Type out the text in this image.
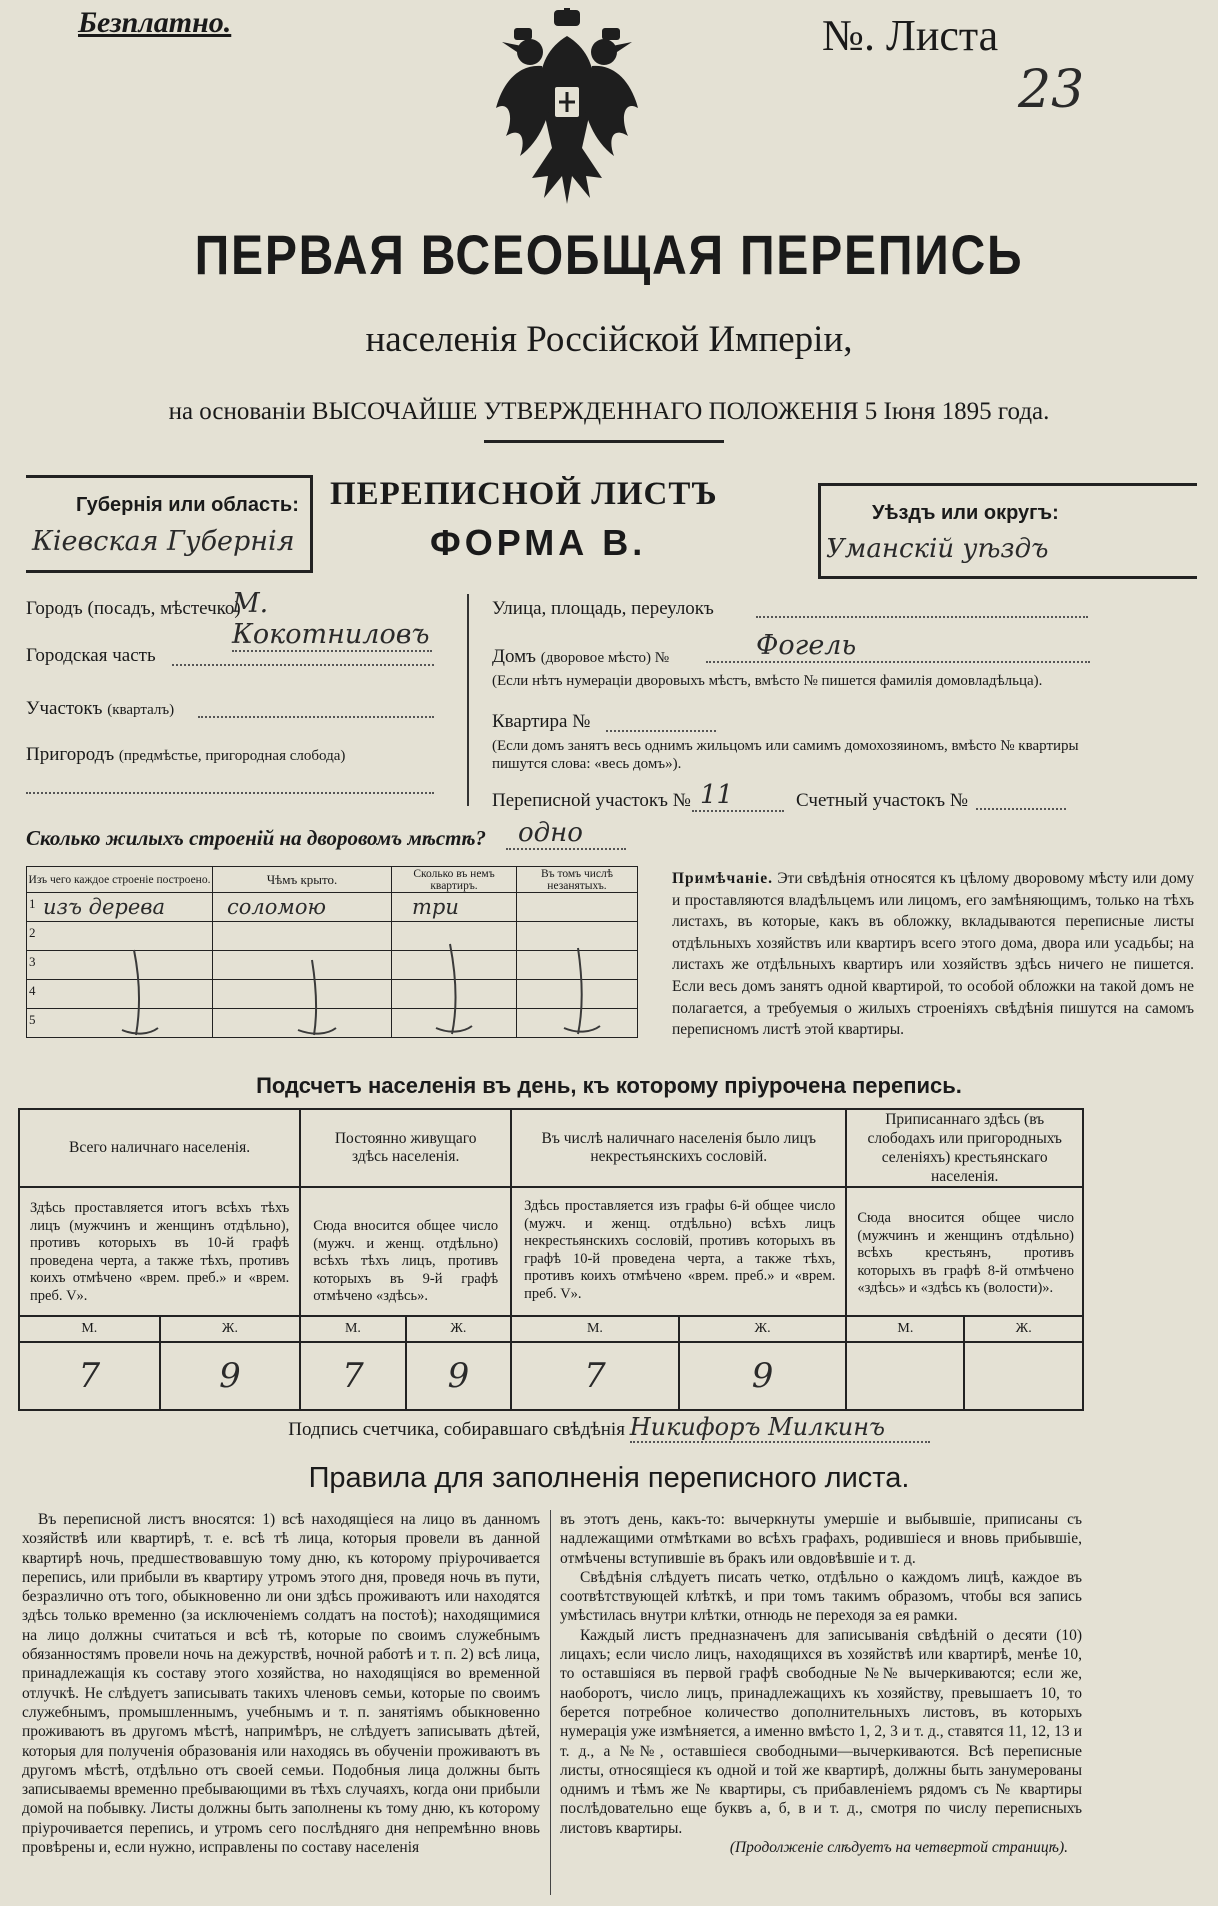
Безплатно.	№. Листа
23
ПЕРВАЯ ВСЕОБЩАЯ ПЕРЕПИСЬ
населенія Россійской Имперіи,
на основаніи ВЫСОЧАЙШЕ УТВЕРЖДЕННАГО ПОЛОЖЕНІЯ 5 Іюня 1895 года.
Губернія или область:
Кіевская Губернія
ПЕРЕПИСНОЙ ЛИСТЪ
ФОРМА В.
Уѣздъ или округъ:
Уманскій уѣздъ
Городъ (посадъ, мѣстечко)
М. Кокотниловъ
Городская часть
Участокъ (кварталъ)
Пригородъ (предмѣстье, пригородная слобода)
Улица, площадь, переулокъ
Домъ (дворовое мѣсто) №	Фогель
(Если нѣтъ нумераціи дворовыхъ мѣстъ, вмѣсто № пишется фамилія домовладѣльца).
Квартира №
(Если домъ занятъ весь однимъ жильцомъ или самимъ домохозяиномъ, вмѣсто № квартиры пишутся слова: «весь домъ»).
Переписной участокъ № 11	Счетный участокъ №
Сколько жилыхъ строеній на дворовомъ мѣстѣ?	одно
Изъ чего каждое строеніе построено.	Чѣмъ крыто.	Сколько въ немъ квартиръ.	Въ томъ числѣ незанятыхъ.

1 изъ дерева	соломою	три	

2			

3			

4			

5			

Примѣчаніе. Эти свѣдѣнія относятся къ цѣлому дворовому мѣсту или дому и проставляются владѣльцемъ или лицомъ, его замѣняющимъ, только на тѣхъ листахъ, въ которые, какъ въ обложку, вкладываются переписные листы отдѣльныхъ хозяйствъ или квартиръ всего этого дома, двора или усадьбы; на листахъ же отдѣльныхъ квартиръ или хозяйствъ здѣсь ничего не пишется. Если весь домъ занятъ одной квартирой, то особой обложки на такой домъ не полагается, а требуемыя о жилыхъ строеніяхъ свѣдѣнія пишутся на самомъ переписномъ листѣ этой квартиры.
Подсчетъ населенія въ день, къ которому пріурочена перепись.
Всего наличнаго населенія.		Постоянно живущаго здѣсь населенія.		Въ числѣ наличнаго населенія было лицъ некрестьянскихъ сословій.		Приписаннаго здѣсь (въ слободахъ или пригородныхъ селеніяхъ) крестьянскаго населенія.	
Здѣсь проставляется итогъ всѣхъ тѣхъ лицъ (мужчинъ и женщинъ отдѣльно), противъ которыхъ въ 10-й графѣ проведена черта, а также тѣхъ, противъ коихъ отмѣчено «врем. преб.» и «врем. преб. V».		Сюда вносится общее число (мужч. и женщ. отдѣльно) всѣхъ тѣхъ лицъ, противъ которыхъ въ 9-й графѣ отмѣчено «здѣсь».		Здѣсь проставляется изъ графы 6-й общее число (мужч. и женщ. отдѣльно) всѣхъ лицъ некрестьянскихъ сословій, противъ которыхъ въ графѣ 10-й проведена черта, а также тѣхъ, противъ коихъ отмѣчено «врем. преб.» и «врем. преб. V».		Сюда вносится общее число (мужчинъ и женщинъ отдѣльно) всѣхъ крестьянъ, противъ которыхъ въ графѣ 8-й отмѣчено «здѣсь» и «здѣсь къ (волости)».	
М.	Ж.	М.	Ж.	М.	Ж.	М.	Ж.
7	9	7	9	7	9		
Подпись счетчика, собиравшаго свѣдѣнія Никифоръ Милкинъ
Правила для заполненія переписного листа.
Въ переписной листъ вносятся: 1) всѣ находящіеся на лицо въ данномъ хозяйствѣ или квартирѣ, т. е. всѣ тѣ лица, которыя провели въ данной квартирѣ ночь, предшествовавшую тому дню, къ которому пріурочивается перепись, или прибыли въ квартиру утромъ этого дня, проведя ночь въ пути, безразлично отъ того, обыкновенно ли они здѣсь проживаютъ или находятся здѣсь только временно (за исключеніемъ солдатъ на постоѣ); находящимися на лицо должны считаться и всѣ тѣ, которые по своимъ служебнымъ обязанностямъ провели ночь на дежурствѣ, ночной работѣ и т. п. 2) всѣ лица, принадлежащія къ составу этого хозяйства, но находящіяся во временной отлучкѣ. Не слѣдуетъ записывать такихъ членовъ семьи, которые по своимъ служебнымъ, промышленнымъ, учебнымъ и т. п. занятіямъ обыкновенно проживаютъ въ другомъ мѣстѣ, напримѣръ, не слѣдуетъ записывать дѣтей, которыя для полученія образованія или находясь въ обученіи проживаютъ въ другомъ мѣстѣ, отдѣльно отъ своей семьи. Подобныя лица должны быть записываемы временно пребывающими въ тѣхъ случаяхъ, когда они прибыли домой на побывку. Листы должны быть заполнены къ тому дню, къ которому пріурочивается перепись, и утромъ сего послѣдняго дня непремѣнно вновь провѣрены и, если нужно, исправлены по составу населенія
въ этотъ день, какъ-то: вычеркнуты умершіе и выбывшіе, приписаны съ надлежащими отмѣтками во всѣхъ графахъ, родившіеся и вновь прибывшіе, отмѣчены вступившіе въ бракъ или овдовѣвшіе и т. д.
Свѣдѣнія слѣдуетъ писать четко, отдѣльно о каждомъ лицѣ, каждое въ соотвѣтствующей клѣткѣ, и при томъ такимъ образомъ, чтобы вся запись умѣстилась внутри клѣтки, отнюдь не переходя за ея рамки.
Каждый листъ предназначенъ для записыванія свѣдѣній о десяти (10) лицахъ; если число лицъ, находящихся въ хозяйствѣ или квартирѣ, менѣе 10, то оставшіяся въ первой графѣ свободные №№ вычеркиваются; если же, наоборотъ, число лицъ, принадлежащихъ къ хозяйству, превышаетъ 10, то берется потребное количество дополнительныхъ листовъ, въ которыхъ нумерація уже измѣняется, а именно вмѣсто 1, 2, 3 и т. д., ставятся 11, 12, 13 и т. д., а №№, оставшіеся свободными—вычеркиваются. Всѣ переписные листы, относящіеся къ одной и той же квартирѣ, должны быть занумерованы однимъ и тѣмъ же № квартиры, съ прибавленіемъ рядомъ съ № квартиры послѣдовательно еще буквъ а, б, в и т. д., смотря по числу переписныхъ листовъ квартиры.
(Продолженіе слѣдуетъ на четвертой страницѣ).
